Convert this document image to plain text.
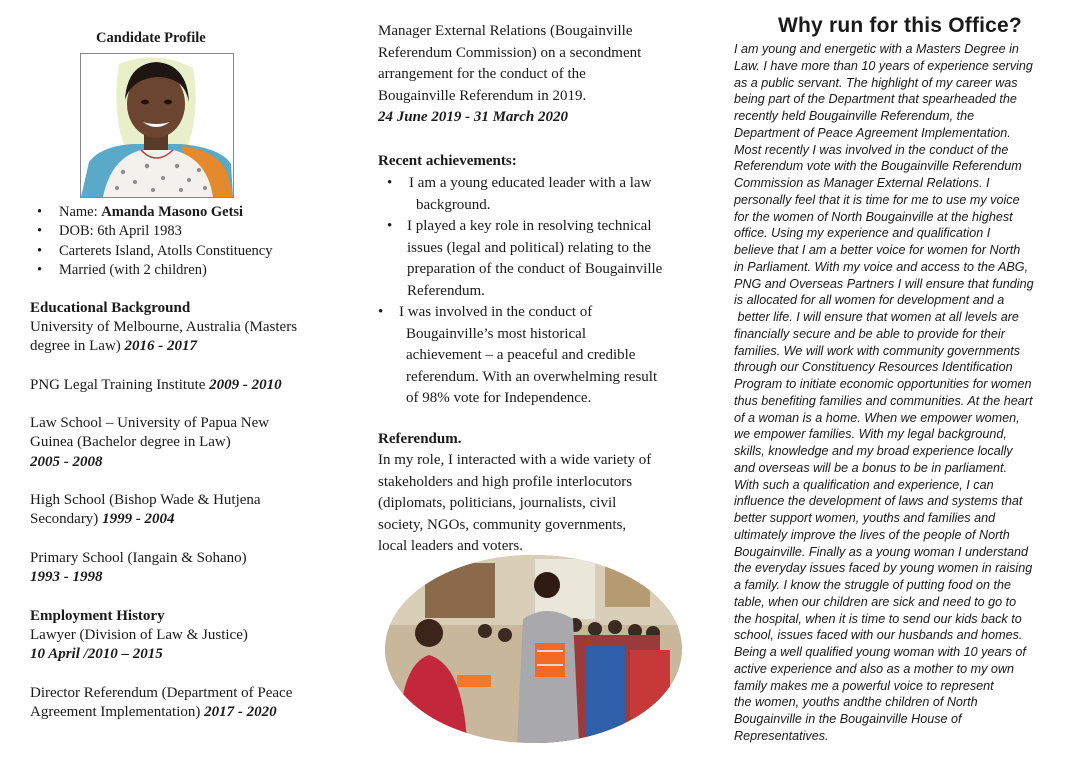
Candidate Profile
• Name: Amanda Masono Getsi
• DOB: 6th April 1983
• Carterets Island, Atolls Constituency
• Married (with 2 children)
Educational Background
University of Melbourne, Australia (Masters
degree in Law) 2016 - 2017
PNG Legal Training Institute 2009 - 2010
Law School – University of Papua New
Guinea (Bachelor degree in Law)
2005 - 2008
High School (Bishop Wade & Hutjena
Secondary) 1999 - 2004
Primary School (Iangain & Sohano)
1993 - 1998
Employment History
Lawyer (Division of Law & Justice)
10 April /2010 – 2015
Director Referendum (Department of Peace
Agreement Implementation) 2017 - 2020
Manager External Relations (Bougainville
Referendum Commission) on a secondment
arrangement for the conduct of the
Bougainville Referendum in 2019.
24 June 2019 - 31 March 2020
Recent achievements:
•	I am a young educated leader with a law
background.
• I played a key role in resolving technical
issues (legal and political) relating to the
preparation of the conduct of Bougainville
Referendum.
•	I was involved in the conduct of
Bougainville’s most historical
achievement – a peaceful and credible
referendum. With an overwhelming result
of 98% vote for Independence.
Referendum.
In my role, I interacted with a wide variety of
stakeholders and high profile interlocutors
(diplomats, politicians, journalists, civil
society, NGOs, community governments,
local leaders and voters.
Why run for this Office?
I am young and energetic with a Masters Degree in
Law. I have more than 10 years of experience serving
as a public servant. The highlight of my career was
being part of the Department that spearheaded the
recently held Bougainville Referendum, the
Department of Peace Agreement Implementation.
Most recently I was involved in the conduct of the
Referendum vote with the Bougainville Referendum
Commission as Manager External Relations. I
personally feel that it is time for me to use my voice
for the women of North Bougainville at the highest
office. Using my experience and qualification I
believe that I am a better voice for women for North
in Parliament. With my voice and access to the ABG,
PNG and Overseas Partners I will ensure that funding
is allocated for all women for development and a
better life. I will ensure that women at all levels are
financially secure and be able to provide for their
families. We will work with community governments
through our Constituency Resources Identification
Program to initiate economic opportunities for women
thus benefiting families and communities. At the heart
of a woman is a home. When we empower women,
we empower families. With my legal background,
skills, knowledge and my broad experience locally
and overseas will be a bonus to be in parliament.
With such a qualification and experience, I can
influence the development of laws and systems that
better support women, youths and families and
ultimately improve the lives of the people of North
Bougainville. Finally as a young woman I understand
the everyday issues faced by young women in raising
a family. I know the struggle of putting food on the
table, when our children are sick and need to go to
the hospital, when it is time to send our kids back to
school, issues faced with our husbands and homes.
Being a well qualified young woman with 10 years of
active experience and also as a mother to my own
family makes me a powerful voice to represent
the women, youths andthe children of North
Bougainville in the Bougainville House of
Representatives.
